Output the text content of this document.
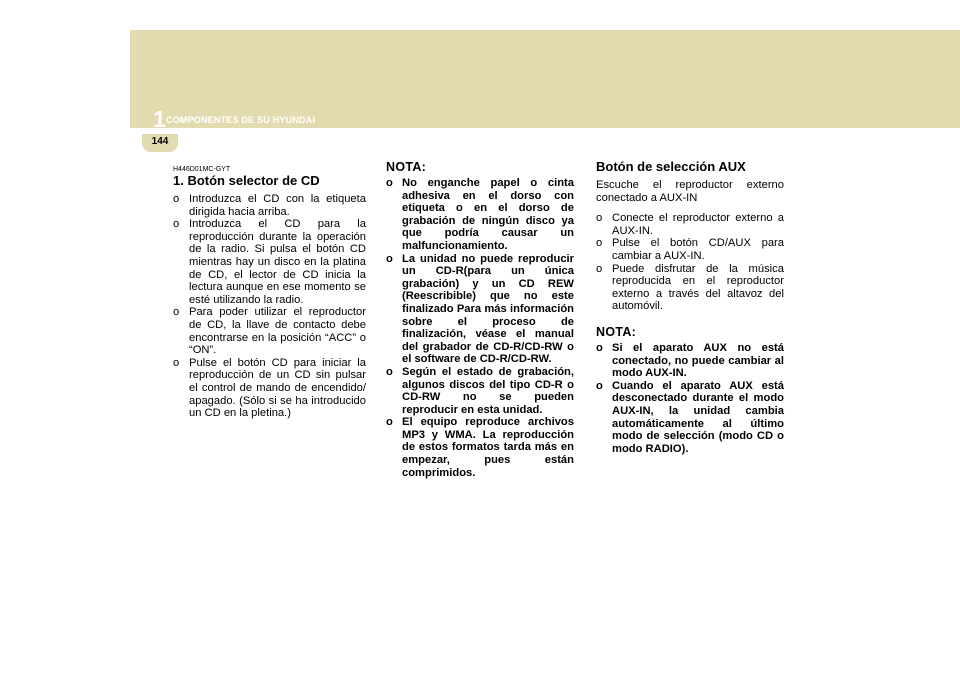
1 COMPONENTES DE SU HYUNDAI
144
H446D01MC-GYT
1. Botón selector de CD
o Introduzca el CD con la etiqueta dirigida hacia arriba.
o Introduzca el CD para la reproducción durante la operación de la radio. Si pulsa el botón CD mientras hay un disco en la platina de CD, el lector de CD inicia la lectura aunque en ese momento se esté utilizando la radio.
o Para poder utilizar el reproductor de CD, la llave de contacto debe encontrarse en la posición “ACC” o “ON”.
o Pulse el botón CD para iniciar la reproducción de un CD sin pulsar el control de mando de encendido/ apagado. (Sólo si se ha introducido un CD en la pletina.)
NOTA:
o No enganche papel o cinta adhesiva en el dorso con etiqueta o en el dorso de grabación de ningún disco ya que podría causar un malfuncionamiento.
o La unidad no puede reproducir un CD-R(para un única grabación) y un CD REW (Reescribible) que no este finalizado Para más información sobre el proceso de finalización, véase el manual del grabador de CD-R/CD-RW o el software de CD-R/CD-RW.
o Según el estado de grabación, algunos discos del tipo CD-R o CD-RW no se pueden reproducir en esta unidad.
o El equipo reproduce archivos MP3 y WMA. La reproducción de estos formatos tarda más en empezar, pues están comprimidos.
Botón de selección AUX
Escuche el reproductor externo conectado a AUX-IN
o Conecte el reproductor externo a AUX-IN.
o Pulse el botón CD/AUX para cambiar a AUX-IN.
o Puede disfrutar de la música reproducida en el reproductor externo a través del altavoz del automóvil.
NOTA:
o Si el aparato AUX no está conectado, no puede cambiar al modo AUX-IN.
o Cuando el aparato AUX está desconectado durante el modo AUX-IN, la unidad cambia automáticamente al último modo de selección (modo CD o modo RADIO).
